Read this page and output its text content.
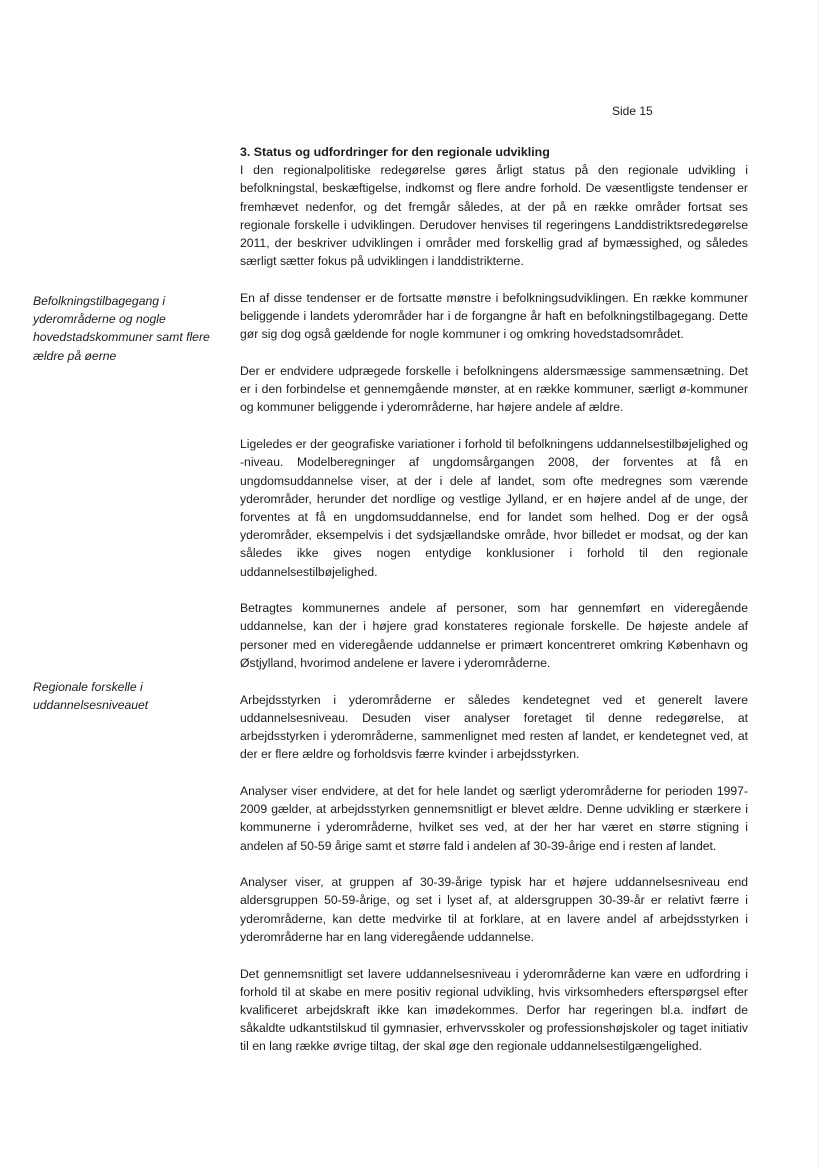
Side 15
Befolkningstilbagegang i yderområderne og nogle hovedstadskommuner samt flere ældre på øerne
Regionale forskelle i uddannelsesniveauet
3. Status og udfordringer for den regionale udvikling

I den regionalpolitiske redegørelse gøres årligt status på den regionale udvikling i befolkningstal, beskæftigelse, indkomst og flere andre forhold. De væsentligste tendenser er fremhævet nedenfor, og det fremgår således, at der på en række områder fortsat ses regionale forskelle i udviklingen. Derudover henvises til regeringens Landdistriktsredegørelse 2011, der beskriver udviklingen i områder med forskellig grad af bymæssighed, og således særligt sætter fokus på udviklingen i landdistrikterne.

En af disse tendenser er de fortsatte mønstre i befolkningsudviklingen. En række kommuner beliggende i landets yderområder har i de forgangne år haft en befolkningstilbagegang. Dette gør sig dog også gældende for nogle kommuner i og omkring hovedstadsområdet.

Der er endvidere udprægede forskelle i befolkningens aldersmæssige sammensætning. Det er i den forbindelse et gennemgående mønster, at en række kommuner, særligt ø-kommuner og kommuner beliggende i yderområderne, har højere andele af ældre.

Ligeledes er der geografiske variationer i forhold til befolkningens uddannelsestilbøjelighed og -niveau. Modelberegninger af ungdomsårgangen 2008, der forventes at få en ungdomsuddannelse viser, at der i dele af landet, som ofte medregnes som værende yderområder, herunder det nordlige og vestlige Jylland, er en højere andel af de unge, der forventes at få en ungdomsuddannelse, end for landet som helhed. Dog er der også yderområder, eksempelvis i det sydsjællandske område, hvor billedet er modsat, og der kan således ikke gives nogen entydige konklusioner i forhold til den regionale uddannelsestilbøjelighed.

Betragtes kommunernes andele af personer, som har gennemført en videregående uddannelse, kan der i højere grad konstateres regionale forskelle. De højeste andele af personer med en videregående uddannelse er primært koncentreret omkring København og Østjylland, hvorimod andelene er lavere i yderområderne.

Arbejdsstyrken i yderområderne er således kendetegnet ved et generelt lavere uddannelsesniveau. Desuden viser analyser foretaget til denne redegørelse, at arbejdsstyrken i yderområderne, sammenlignet med resten af landet, er kendetegnet ved, at der er flere ældre og forholdsvis færre kvinder i arbejdsstyrken.

Analyser viser endvidere, at det for hele landet og særligt yderområderne for perioden 1997-2009 gælder, at arbejdsstyrken gennemsnitligt er blevet ældre. Denne udvikling er stærkere i kommunerne i yderområderne, hvilket ses ved, at der her har været en større stigning i andelen af 50-59 årige samt et større fald i andelen af 30-39-årige end i resten af landet.

Analyser viser, at gruppen af 30-39-årige typisk har et højere uddannelsesniveau end aldersgruppen 50-59-årige, og set i lyset af, at aldersgruppen 30-39-år er relativt færre i yderområderne, kan dette medvirke til at forklare, at en lavere andel af arbejdsstyrken i yderområderne har en lang videregående uddannelse.

Det gennemsnitligt set lavere uddannelsesniveau i yderområderne kan være en udfordring i forhold til at skabe en mere positiv regional udvikling, hvis virksomheders efterspørgsel efter kvalificeret arbejdskraft ikke kan imødekommes. Derfor har regeringen bl.a. indført de såkaldte udkantstilskud til gymnasier, erhvervsskoler og professionshøjskoler og taget initiativ til en lang række øvrige tiltag, der skal øge den regionale uddannelsestilgængelighed.
